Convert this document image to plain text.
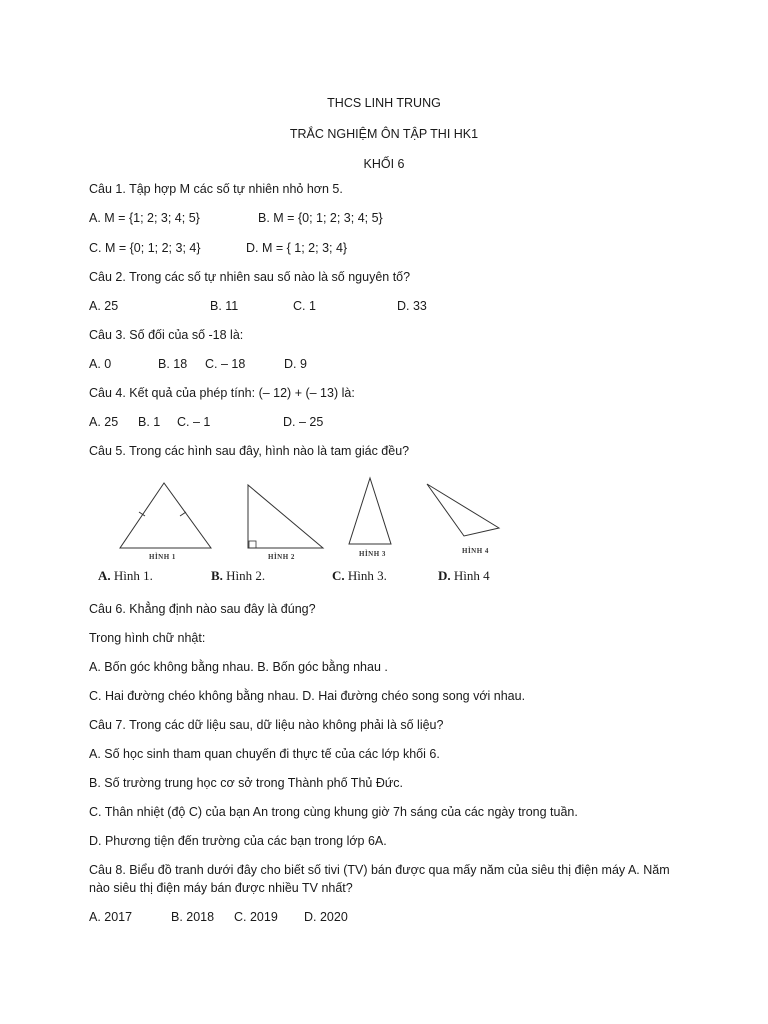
THCS LINH TRUNG
TRẮC NGHIỆM ÔN TẬP THI HK1
KHỐI 6
Câu 1. Tập hợp M các số tự nhiên nhỏ hơn 5.
A. M = {1; 2; 3; 4; 5}	B. M = {0; 1; 2; 3; 4; 5}
C. M = {0; 1; 2; 3; 4}	D. M = { 1; 2; 3; 4}
Câu 2. Trong các số tự nhiên sau số nào là số nguyên tố?
A. 25	B. 11	C. 1	D. 33
Câu 3. Số đối của số -18 là:
A. 0	B. 18 C. – 18	D. 9
Câu 4. Kết quả của phép tính: (– 12) + (– 13) là:
A. 25 B. 1 C. – 1	D. – 25
Câu 5. Trong các hình sau đây, hình nào là tam giác đều?
HÌNH 1	HÌNH 2	HÌNH 3	HÌNH 4
A. Hình 1.	B. Hình 2.	C. Hình 3.	D. Hình 4
Câu 6. Khẳng định nào sau đây là đúng?
Trong hình chữ nhật:
A. Bốn góc không bằng nhau. B. Bốn góc bằng nhau .
C. Hai đường chéo không bằng nhau. D. Hai đường chéo song song với nhau.
Câu 7. Trong các dữ liệu sau, dữ liệu nào không phải là số liệu?
A. Số học sinh tham quan chuyến đi thực tế của các lớp khối 6.
B. Số trường trung học cơ sở trong Thành phố Thủ Đức.
C. Thân nhiệt (độ C) của bạn An trong cùng khung giờ 7h sáng của các ngày trong tuần.
D. Phương tiện đến trường của các bạn trong lớp 6A.
Câu 8. Biểu đồ tranh dưới đây cho biết số tivi (TV) bán được qua mấy năm của siêu thị điện máy A. Năm
nào siêu thị điện máy bán được nhiều TV nhất?
A. 2017	B. 2018 C. 2019 D. 2020
